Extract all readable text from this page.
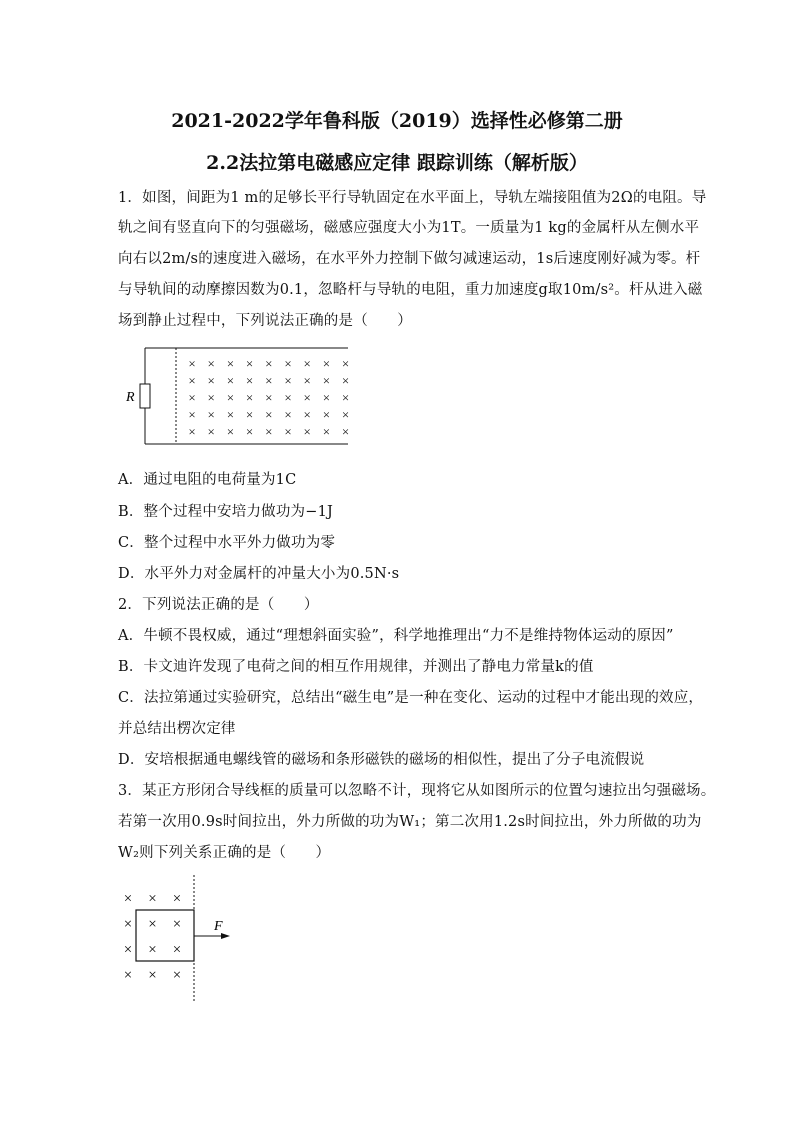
2021-2022学年鲁科版（2019）选择性必修第二册
2.2法拉第电磁感应定律 跟踪训练（解析版）
1．如图，间距为1 m的足够长平行导轨固定在水平面上，导轨左端接阻值为2Ω的电阻。导
轨之间有竖直向下的匀强磁场，磁感应强度大小为1T。一质量为1 kg的金属杆从左侧水平
向右以2m/s的速度进入磁场，在水平外力控制下做匀减速运动，1s后速度刚好减为零。杆
与导轨间的动摩擦因数为0.1，忽略杆与导轨的电阻，重力加速度g取10m/s²。杆从进入磁
场到静止过程中，下列说法正确的是（　　）
R
× × × × × × × × ×
× × × × × × × × ×
× × × × × × × × ×
× × × × × × × × ×
× × × × × × × × ×
A．通过电阻的电荷量为1C
B．整个过程中安培力做功为−1J
C．整个过程中水平外力做功为零
D．水平外力对金属杆的冲量大小为0.5N·s
2．下列说法正确的是（　　）
A．牛顿不畏权威，通过“理想斜面实验”，科学地推理出“力不是维持物体运动的原因”
B．卡文迪许发现了电荷之间的相互作用规律，并测出了静电力常量k的值
C．法拉第通过实验研究，总结出“磁生电”是一种在变化、运动的过程中才能出现的效应，
并总结出楞次定律
D．安培根据通电螺线管的磁场和条形磁铁的磁场的相似性，提出了分子电流假说
3．某正方形闭合导线框的质量可以忽略不计，现将它从如图所示的位置匀速拉出匀强磁场。
若第一次用0.9s时间拉出，外力所做的功为W₁；第二次用1.2s时间拉出，外力所做的功为
W₂则下列关系正确的是（　　）
× × ×
× × ×
× × ×
× × ×
F
